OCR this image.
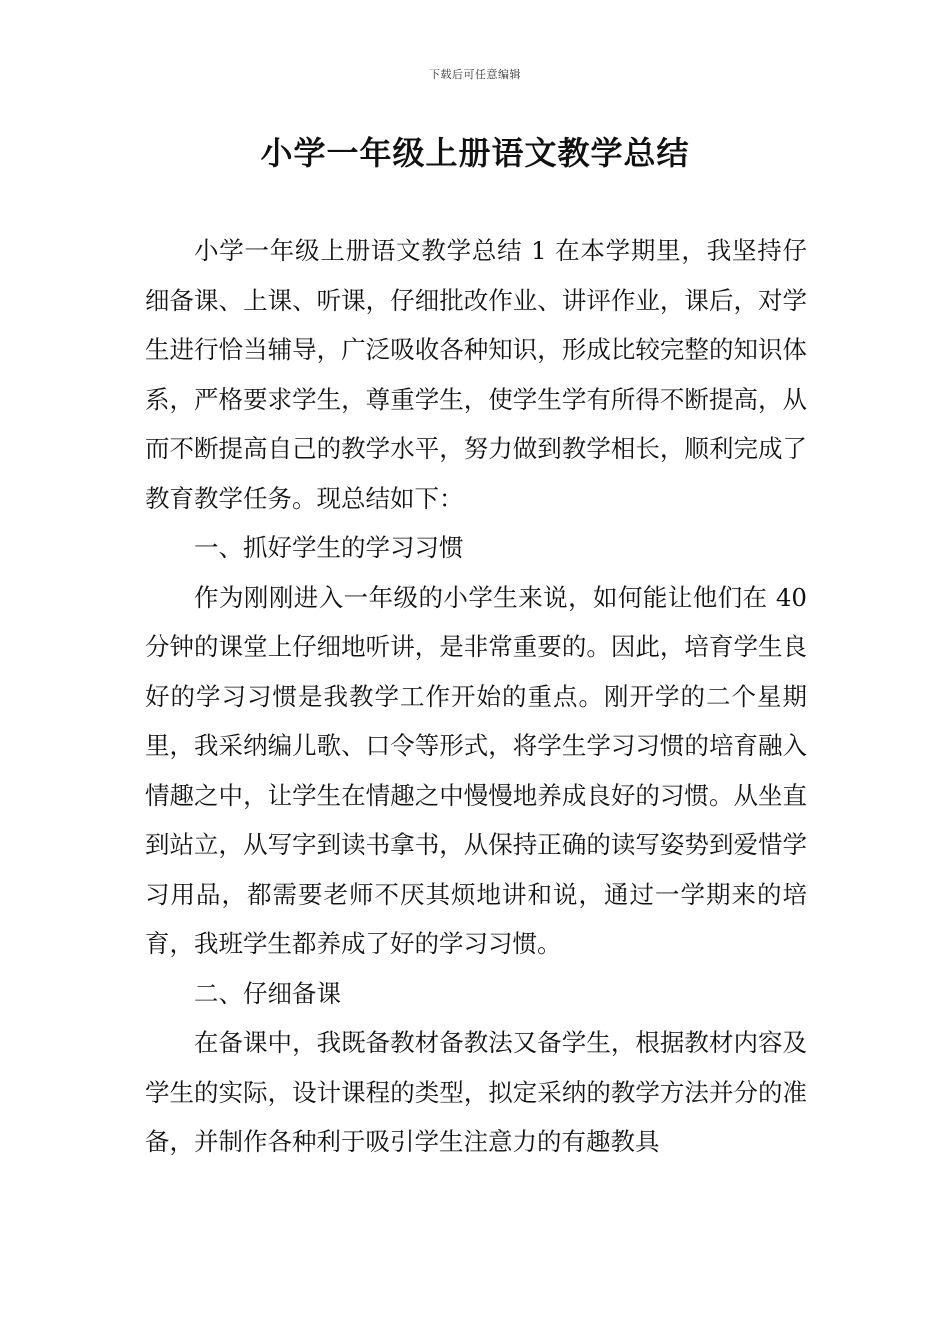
下载后可任意编辑
小学一年级上册语文教学总结

小学一年级上册语文教学总结 1 在本学期里，我坚持仔细备课、上课、听课，仔细批改作业、讲评作业，课后，对学生进行恰当辅导，广泛吸收各种知识，形成比较完整的知识体系，严格要求学生，尊重学生，使学生学有所得不断提高，从而不断提高自己的教学水平，努力做到教学相长，顺利完成了教育教学任务。现总结如下：

一、抓好学生的学习习惯

作为刚刚进入一年级的小学生来说，如何能让他们在 40 分钟的课堂上仔细地听讲，是非常重要的。因此，培育学生良好的学习习惯是我教学工作开始的重点。刚开学的二个星期里，我采纳编儿歌、口令等形式，将学生学习习惯的培育融入情趣之中，让学生在情趣之中慢慢地养成良好的习惯。从坐直到站立，从写字到读书拿书，从保持正确的读写姿势到爱惜学习用品，都需要老师不厌其烦地讲和说，通过一学期来的培育，我班学生都养成了好的学习习惯。

二、仔细备课

在备课中，我既备教材备教法又备学生，根据教材内容及学生的实际，设计课程的类型，拟定采纳的教学方法并分的准备，并制作各种利于吸引学生注意力的有趣教具
